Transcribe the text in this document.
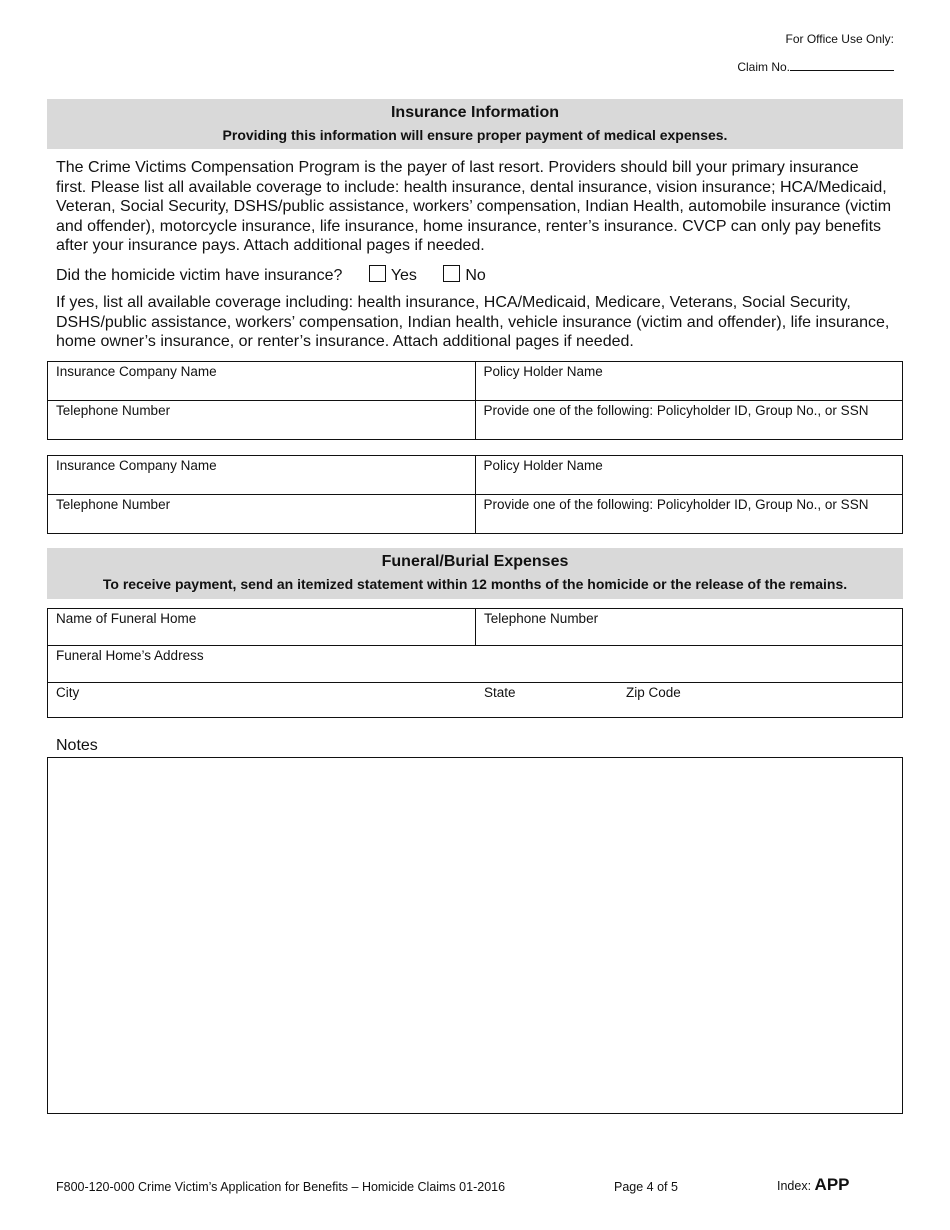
For Office Use Only:
Claim No.
Insurance Information
Providing this information will ensure proper payment of medical expenses.
The Crime Victims Compensation Program is the payer of last resort. Providers should bill your primary insurance first. Please list all available coverage to include: health insurance, dental insurance, vision insurance; HCA/Medicaid, Veteran, Social Security, DSHS/public assistance, workers’ compensation, Indian Health, automobile insurance (victim and offender), motorcycle insurance, life insurance, home insurance, renter’s insurance. CVCP can only pay benefits after your insurance pays. Attach additional pages if needed.
Did the homicide victim have insurance?	Yes	No
If yes, list all available coverage including: health insurance, HCA/Medicaid, Medicare, Veterans, Social Security, DSHS/public assistance, workers’ compensation, Indian health, vehicle insurance (victim and offender), life insurance, home owner’s insurance, or renter’s insurance. Attach additional pages if needed.
Insurance Company Name	Policy Holder Name
Telephone Number	Provide one of the following: Policyholder ID, Group No., or SSN
Insurance Company Name	Policy Holder Name
Telephone Number	Provide one of the following: Policyholder ID, Group No., or SSN
Funeral/Burial Expenses
To receive payment, send an itemized statement within 12 months of the homicide or the release of the remains.
Name of Funeral Home	Telephone Number
Funeral Home’s Address
City	State	Zip Code
Notes
F800-120-000 Crime Victim’s Application for Benefits – Homicide Claims 01-2016	Page 4 of 5	Index: APP
